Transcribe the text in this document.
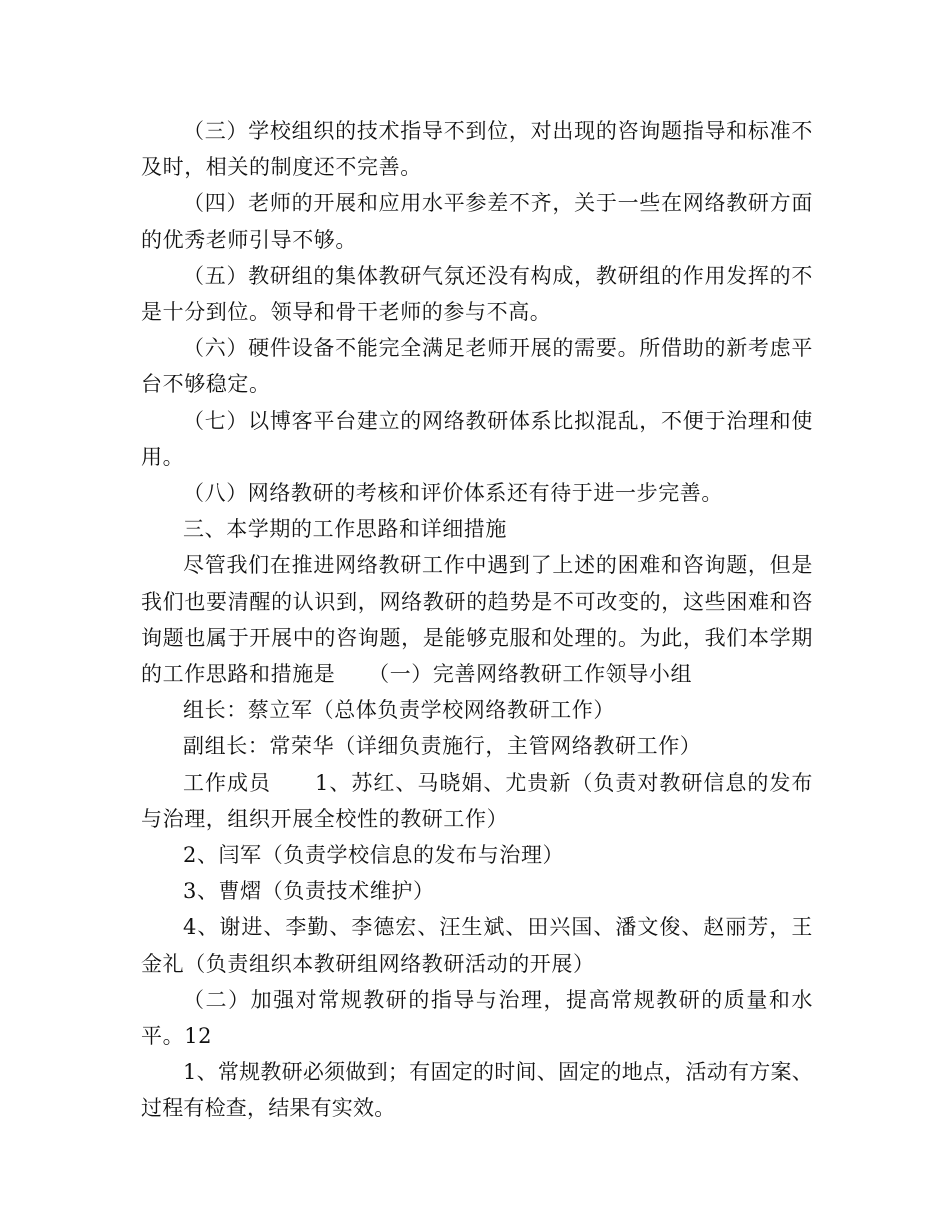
（三）学校组织的技术指导不到位，对出现的咨询题指导和标准不及时，相关的制度还不完善。

（四）老师的开展和应用水平参差不齐，关于一些在网络教研方面的优秀老师引导不够。

（五）教研组的集体教研气氛还没有构成，教研组的作用发挥的不是十分到位。领导和骨干老师的参与不高。

（六）硬件设备不能完全满足老师开展的需要。所借助的新考虑平台不够稳定。

（七）以博客平台建立的网络教研体系比拟混乱，不便于治理和使用。

（八）网络教研的考核和评价体系还有待于进一步完善。

三、本学期的工作思路和详细措施

尽管我们在推进网络教研工作中遇到了上述的困难和咨询题，但是我们也要清醒的认识到，网络教研的趋势是不可改变的，这些困难和咨询题也属于开展中的咨询题，是能够克服和处理的。为此，我们本学期的工作思路和措施是　　（一）完善网络教研工作领导小组

组长：蔡立军（总体负责学校网络教研工作）

副组长：常荣华（详细负责施行，主管网络教研工作）

工作成员　　1、苏红、马晓娟、尤贵新（负责对教研信息的发布与治理，组织开展全校性的教研工作）

2、闫军（负责学校信息的发布与治理）

3、曹熠（负责技术维护）

4、谢进、李勤、李德宏、汪生斌、田兴国、潘文俊、赵丽芳，王金礼（负责组织本教研组网络教研活动的开展）

（二）加强对常规教研的指导与治理，提高常规教研的质量和水平。12

1、常规教研必须做到；有固定的时间、固定的地点，活动有方案、过程有检查，结果有实效。
